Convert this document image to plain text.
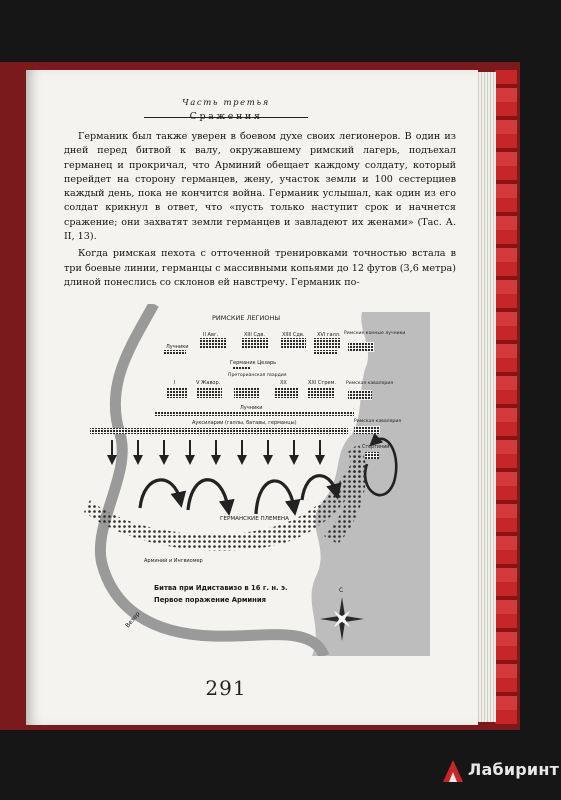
Часть третья

Германик был также уверен в боевом духе своих легионеров. В один из дней перед битвой к валу, окружавшему римский лагерь, подъехал германец и прокричал, что Арминий обещает каждому солдату, который перейдет на сторону германцев, жену, участок земли и 100 сестерциев каждый день, пока не кончится война. Германик услышал, как один из его солдат крикнул в ответ, что «пусть только наступит срок и начнется сражение; они захватят земли германцев и завладеют их женами» (Тас. А. II, 13).

Когда римская пехота с отточенной тренировками точностью встала в три боевые линии, германцы с массивными копьями до 12 футов (3,6 метра) длиной понеслись со склонов ей навстречу. Германик по-

Везер
РИМСКИЕ ЛЕГИОНЫ
Лучники
II Авг.	XIII Сдв.	XIIII Сдв.	XVI галл. Римские конные лучники
Германик Цезарь
I	V Жавор.
Преторианская гвардия
XX	XXI Стрем. Римская кавалерия
Лучники
Ауксиларии (галлы, батавы, германцы)	Римская кавалерия
Стертиний
ГЕРМАНСКИЕ ПЛЕМЕНА
Арминий и Ингвиомер
Битва при Идиставизо в 16 г. н. э.
Первое поражение Арминия
С
291
Лабиринт
